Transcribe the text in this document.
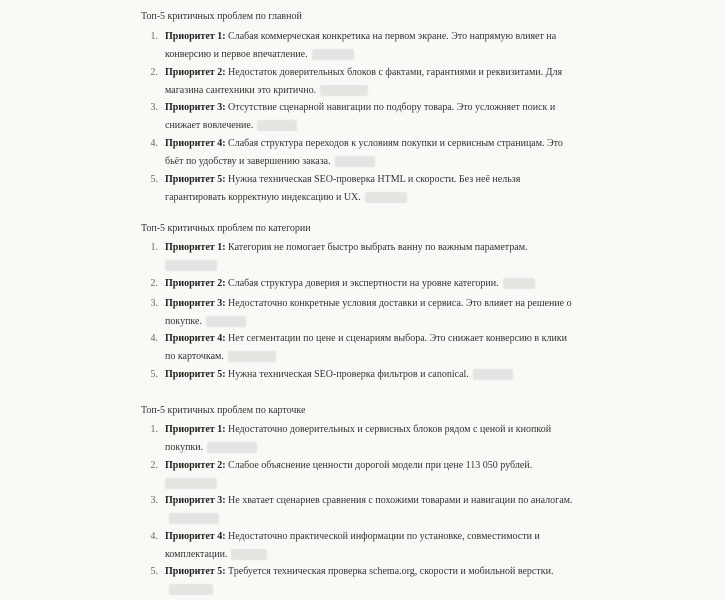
Топ-5 критичных проблем по главной
1. Приоритет 1: Слабая коммерческая конкретика на первом экране. Это напрямую влияет на конверсию и первое впечатление.
2. Приоритет 2: Недостаток доверительных блоков с фактами, гарантиями и реквизитами. Для магазина сантехники это критично.
3. Приоритет 3: Отсутствие сценарной навигации по подбору товара. Это усложняет поиск и снижает вовлечение.
4. Приоритет 4: Слабая структура переходов к условиям покупки и сервисным страницам. Это бьёт по удобству и завершению заказа.
5. Приоритет 5: Нужна техническая SEO-проверка HTML и скорости. Без неё нельзя гарантировать корректную индексацию и UX.
Топ-5 критичных проблем по категории
1. Приоритет 1: Категория не помогает быстро выбрать ванну по важным параметрам.

2. Приоритет 2: Слабая структура доверия и экспертности на уровне категории.
3. Приоритет 3: Недостаточно конкретные условия доставки и сервиса. Это влияет на решение о покупке.
4. Приоритет 4: Нет сегментации по цене и сценариям выбора. Это снижает конверсию в клики по карточкам.
5. Приоритет 5: Нужна техническая SEO-проверка фильтров и canonical.
Топ-5 критичных проблем по карточке
1. Приоритет 1: Недостаточно доверительных и сервисных блоков рядом с ценой и кнопкой покупки.
2. Приоритет 2: Слабое объяснение ценности дорогой модели при цене 113 050 рублей.

3. Приоритет 3: Не хватает сценариев сравнения с похожими товарами и навигации по аналогам.
4. Приоритет 4: Недостаточно практической информации по установке, совместимости и комплектации.
5. Приоритет 5: Требуется техническая проверка schema.org, скорости и мобильной верстки.
